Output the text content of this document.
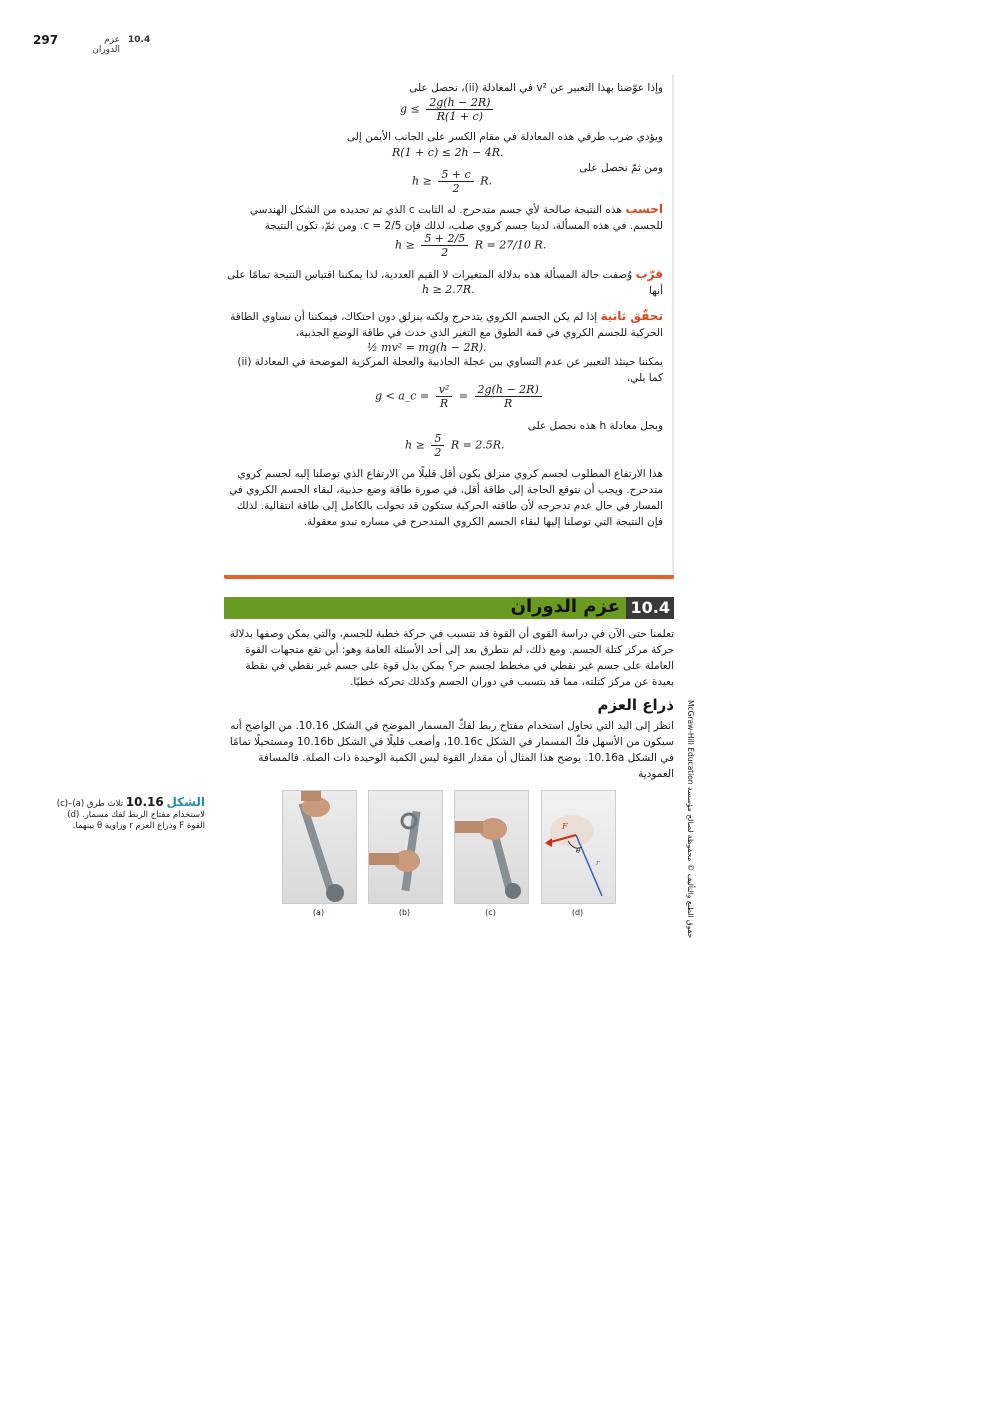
297	عزم الدوران
10.4
وإذا عوّضنا بهذا التعبير عن v² في المعادلة (ii)، نحصل على
$g \le \frac{2g(h - 2R)}{R(1 + c)}$
ويؤدي ضرب طرفي هذه المعادلة في مقام الكسر على الجانب الأيمن إلى
R(1 + c) ≤ 2h − 4R.
ومن ثمّ نحصل على
$h \ge \frac{5 + c}{2} R$.
احسب هذه النتيجة صالحة لأي جسم متدحرج. له الثابت c الذي تم تحديده من الشكل الهندسي للجسم. في هذه المسألة، لدينا جسم كروي صلب، لذلك فإن c = 2/5. ومن ثمّ، تكون النتيجة
$h \ge \frac{5 + 2/5}{2}$ R = 27/10 R.
قرّب وُصفت حالة المسألة هذه بدلالة المتغيرات لا القيم العددية، لذا يمكننا اقتباس النتيجة تمامًا على أنها
h ≥ 2.7R.
تحقّق ثانية إذا لم يكن الجسم الكروي يتدحرج ولكنه ينزلق دون احتكاك، فيمكننا أن نساوي الطاقة الحركية للجسم الكروي في قمة الطوق مع التغير الذي حدث في طاقة الوضع الجذبية،
½ mv² = mg(h − 2R).
يمكننا حينئذ التعبير عن عدم التساوي بين عجلة الجاذبية والعجلة المركزية الموضحة في المعادلة (ii) كما يلي،
g < a_c = $\frac{\text{v²}}{R} = \frac{2g(h - 2R)}{R}$
وبحل معادلة h هذه نحصل على
$h \ge \frac{5}{2}$ R = 2.5R.
هذا الارتفاع المطلوب لجسم كروي منزلق يكون أقل قليلًا من الارتفاع الذي توصلنا إليه لجسم كروي متدحرج. ويجب أن نتوقع الحاجة إلى طاقة أقل، في صورة طاقة وضع جذبية، لبقاء الجسم الكروي في المسار في حال عدم تدحرجه لأن طاقته الحركية ستكون قد تحولت بالكامل إلى طاقة انتقالية. لذلك فإن النتيجة التي توصلنا إليها لبقاء الجسم الكروي المتدحرج في مساره تبدو معقولة.
10.4
عزم الدوران
تعلمنا حتى الآن في دراسة القوى أن القوة قد تتسبب في حركة خطية للجسم، والتي يمكن وصفها بدلالة حركة مركز كتلة الجسم. ومع ذلك، لم نتطرق بعد إلى أحد الأسئلة العامة وهو: أين تقع متجهات القوة العاملة على جسم غير نقطي في مخطط لجسم حر؟ يمكن بذل قوة على جسم غير نقطي في نقطة بعيدة عن مركز كتلته، مما قد يتسبب في دوران الجسم وكذلك تحركه خطيًا.
ذراع العزم
انظر إلى اليد التي تحاول استخدام مفتاح ربط لفكّ المسمار الموضح في الشكل 10.16. من الواضح أنه سيكون من الأسهل فكّ المسمار في الشكل 10.16c، وأصعب قليلًا في الشكل 10.16b ومستحيلًا تمامًا في الشكل 10.16a. يوضح هذا المثال أن مقدار القوة ليس الكمية الوحيدة ذات الصلة. فالمسافة العمودية McGraw-Hill Education حقوق الطبع والتأليف © محفوظة لصالح مؤسسة
الشكل 10.16 ثلاث طرق (a)–(c) لاستخدام مفتاح الربط لفك مسمار. (d) القوة F وذراع العزم r وزاوية θ بينهما.	F
θ
r
(a)	(b)	(c)	(d)
